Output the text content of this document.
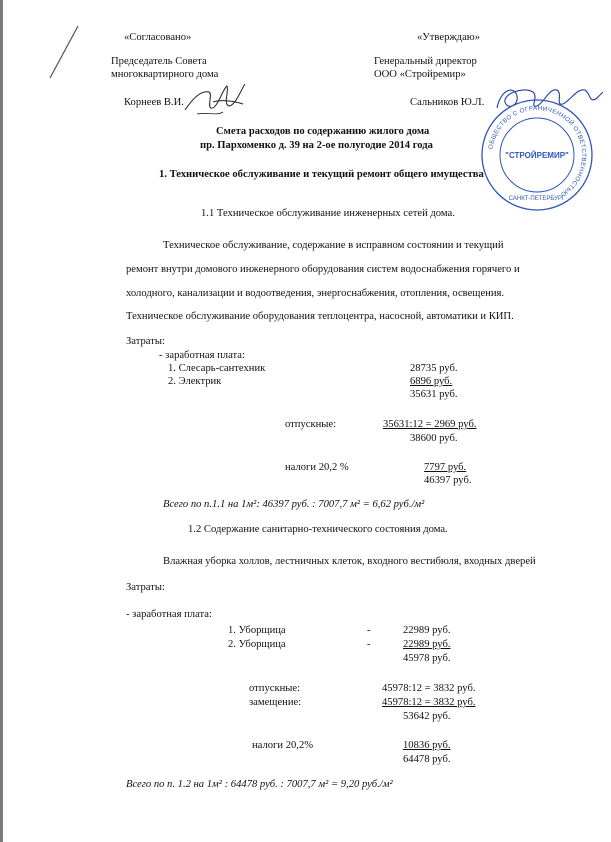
«Согласовано»	«Утверждаю»
Председатель Совета
многоквартирного дома
Генеральный директор
ООО «Стройремир»
Корнеев В.И.	Сальников Ю.Л.
ОБЩЕСТВО С ОГРАНИЧЕННОЙ ОТВЕТСТВЕННОСТЬЮ
"СТРОЙРЕМИР"
САНКТ-ПЕТЕРБУРГ
Смета расходов по содержанию жилого дома
пр. Пархоменко д. 39 на 2-ое полугодие 2014 года
1. Техническое обслуживание и текущий ремонт общего имущества
1.1 Техническое обслуживание инженерных сетей дома.
Техническое обслуживание, содержание в исправном состоянии и текущий
ремонт внутри домового инженерного оборудования систем водоснабжения горячего и
холодного, канализации и водоотведения, энергоснабжения, отопления, освещения.
Техническое обслуживание оборудования теплоцентра, насосной, автоматики и КИП.
Затраты:
- заработная плата:
1. Слесарь-сантехник	28735 руб.
2. Электрик	6896 руб.
35631 руб.
отпускные:	35631:12 = 2969 руб.
38600 руб.
налоги 20,2 %	7797 руб.
46397 руб.
Всего по п.1.1 на 1м²: 46397 руб. : 7007,7 м² = 6,62 руб./м²
1.2 Содержание санитарно-технического состояния дома.
Влажная уборка холлов, лестничных клеток, входного вестибюля, входных дверей
Затраты:
- заработная плата:
1. Уборщица	-	22989 руб.
2. Уборщица	-	22989 руб.
45978 руб.
отпускные:	45978:12 = 3832 руб.
замещение:	45978:12 = 3832 руб.
53642 руб.
налоги 20,2%	10836 руб.
64478 руб.
Всего по п. 1.2 на 1м² : 64478 руб. : 7007,7 м² = 9,20 руб./м²
